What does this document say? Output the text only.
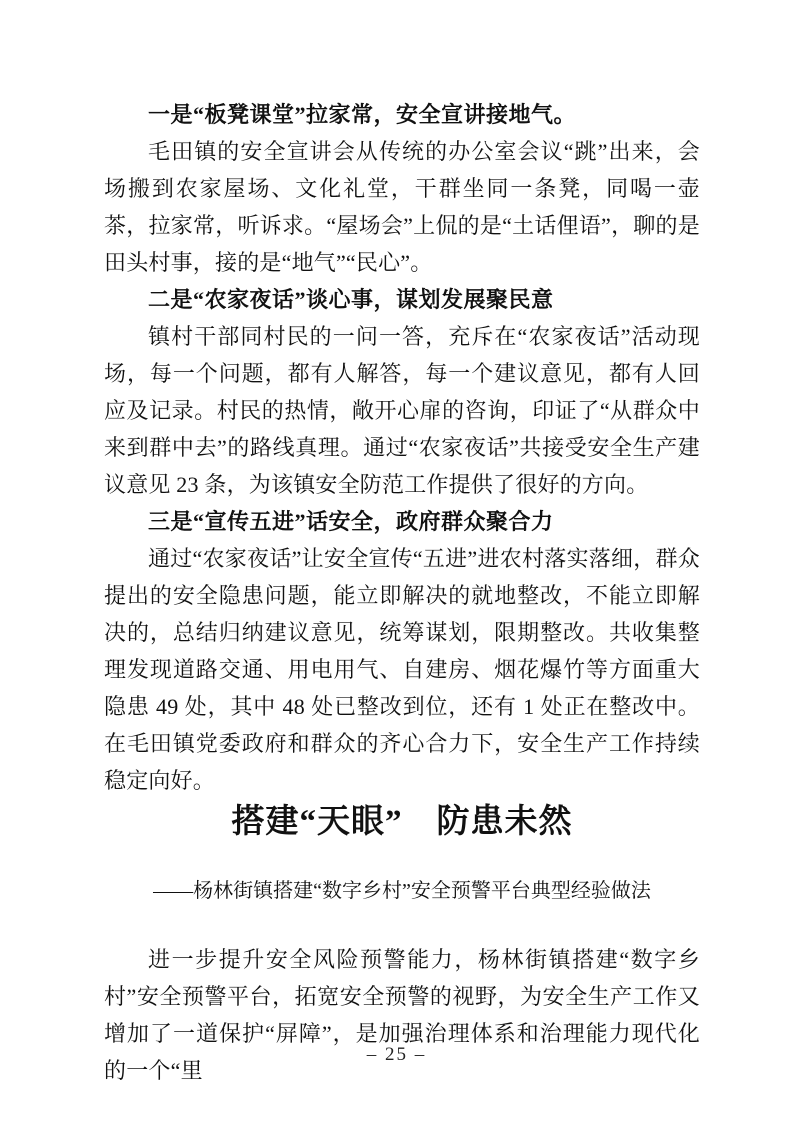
一是“板凳课堂”拉家常，安全宣讲接地气。

毛田镇的安全宣讲会从传统的办公室会议“跳”出来，会场搬到农家屋场、文化礼堂，干群坐同一条凳，同喝一壶茶，拉家常，听诉求。“屋场会”上侃的是“土话俚语”，聊的是田头村事，接的是“地气”“民心”。

二是“农家夜话”谈心事，谋划发展聚民意

镇村干部同村民的一问一答，充斥在“农家夜话”活动现场，每一个问题，都有人解答，每一个建议意见，都有人回应及记录。村民的热情，敞开心扉的咨询，印证了“从群众中来到群中去”的路线真理。通过“农家夜话”共接受安全生产建议意见 23 条，为该镇安全防范工作提供了很好的方向。

三是“宣传五进”话安全，政府群众聚合力

通过“农家夜话”让安全宣传“五进”进农村落实落细，群众提出的安全隐患问题，能立即解决的就地整改，不能立即解决的，总结归纳建议意见，统筹谋划，限期整改。共收集整理发现道路交通、用电用气、自建房、烟花爆竹等方面重大隐患 49 处，其中 48 处已整改到位，还有 1 处正在整改中。在毛田镇党委政府和群众的齐心合力下，安全生产工作持续稳定向好。

搭建“天眼”　防患未然
——杨林街镇搭建“数字乡村”安全预警平台典型经验做法

进一步提升安全风险预警能力，杨林街镇搭建“数字乡村”安全预警平台，拓宽安全预警的视野，为安全生产工作又增加了一道保护“屏障”，是加强治理体系和治理能力现代化的一个“里

– 25 –
